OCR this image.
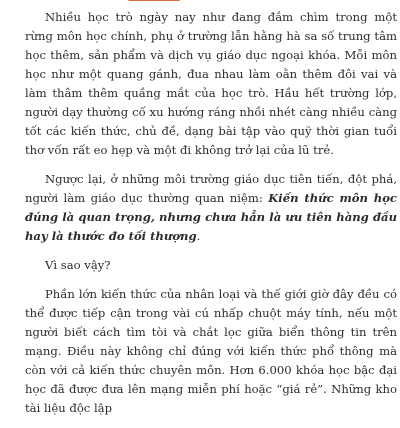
Nhiều học trò ngày nay như đang đắm chìm trong một rừng môn học chính, phụ ở trường lẫn hằng hà sa số trung tâm học thêm, sản phẩm và dịch vụ giáo dục ngoại khóa. Mỗi môn học như một quang gánh, đua nhau làm oằn thêm đôi vai và làm thâm thêm quầng mắt của học trò. Hầu hết trường lớp, người dạy thường cố xu hướng ráng nhồi nhét càng nhiều càng tốt các kiến thức, chủ đề, dạng bài tập vào quỹ thời gian tuổi thơ vốn rất eo hẹp và một đi không trở lại của lũ trẻ.

Ngược lại, ở những môi trường giáo dục tiên tiến, đột phá, người làm giáo dục thường quan niệm: Kiến thức môn học đúng là quan trọng, nhưng chưa hẳn là ưu tiên hàng đầu hay là thước đo tối thượng.

Vì sao vậy?

Phần lớn kiến thức của nhân loại và thế giới giờ đây đều có thể được tiếp cận trong vài cú nhấp chuột máy tính, nếu một người biết cách tìm tòi và chắt lọc giữa biển thông tin trên mạng. Điều này không chỉ đúng với kiến thức phổ thông mà còn với cả kiến thức chuyên môn. Hơn 6.000 khóa học bậc đại học đã được đưa lên mạng miễn phí hoặc “giá rẻ”. Những kho tài liệu độc lập
